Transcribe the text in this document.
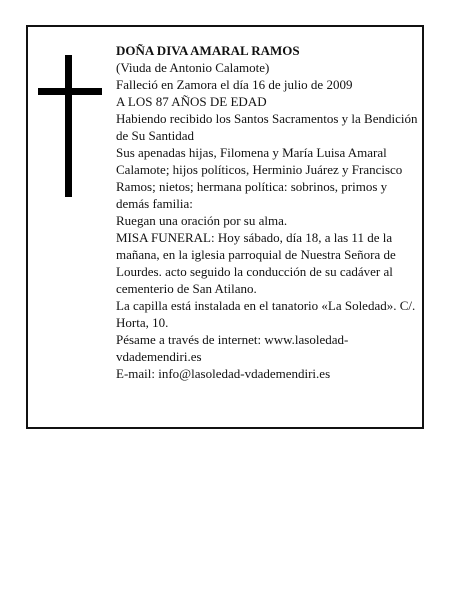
DOÑA DIVA AMARAL RAMOS

(Viuda de Antonio Calamote)

Falleció en Zamora el día 16 de julio de 2009

A LOS 87 AÑOS DE EDAD

Habiendo recibido los Santos Sacramentos y la Bendición de Su Santidad

Sus apenadas hijas, Filomena y María Luisa Amaral Calamote; hijos políticos, Herminio Juárez y Francisco Ramos; nietos; hermana política: sobrinos, primos y demás familia:

Ruegan una oración por su alma.

MISA FUNERAL: Hoy sábado, día 18, a las 11 de la mañana, en la iglesia parroquial de Nuestra Señora de Lourdes. acto seguido la conducción de su cadáver al cementerio de San Atilano.

La capilla está instalada en el tanatorio «La Soledad». C/. Horta, 10.

Pésame a través de internet: www.lasoledad-vdademendiri.es

E-mail: info@lasoledad-vdademendiri.es
